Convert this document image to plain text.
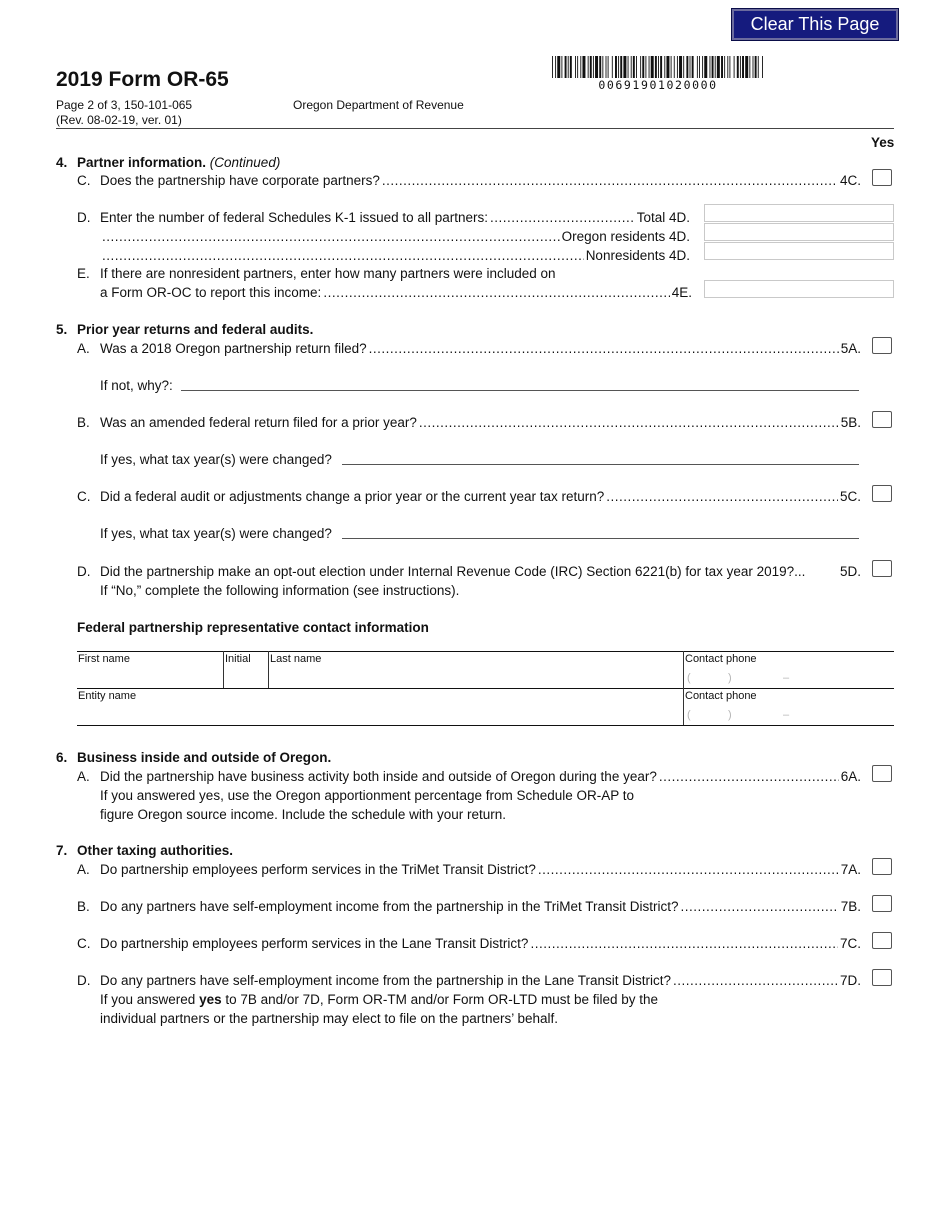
Clear This Page
00691901020000
2019 Form OR-65
Page 2 of 3, 150-101-065
(Rev. 08-02-19, ver. 01)
Oregon Department of Revenue
Yes
4. Partner information. (Continued)
C. Does the partnership have corporate partners? .....	4C.
D. Enter the number of federal Schedules K-1 issued to all partners: .....	Total 4D.
.....
Oregon residents 4D.
.....
Nonresidents 4D.
E. If there are nonresident partners, enter how many partners were included on
a Form OR-OC to report this income: .....	4E.
5. Prior year returns and federal audits.
A. Was a 2018 Oregon partnership return filed? .....	5A.
If not, why?:
B. Was an amended federal return filed for a prior year? .....	5B.
If yes, what tax year(s) were changed?
C. Did a federal audit or adjustments change a prior year or the current year tax return? .....	5C.
If yes, what tax year(s) were changed?
D. Did the partnership make an opt-out election under Internal Revenue Code (IRC) Section 6221(b) for tax year 2019?...	5D.
If “No,” complete the following information (see instructions).
Federal partnership representative contact information
First name	Initial Last name	Contact phone
(	)	–
Entity name	Contact phone
(	)	–
6. Business inside and outside of Oregon.
A. Did the partnership have business activity both inside and outside of Oregon during the year? .....	6A.
If you answered yes, use the Oregon apportionment percentage from Schedule OR-AP to
figure Oregon source income. Include the schedule with your return.
7. Other taxing authorities.
A. Do partnership employees perform services in the TriMet Transit District? .....	7A.
B. Do any partners have self-employment income from the partnership in the TriMet Transit District? .....	7B.
C. Do partnership employees perform services in the Lane Transit District? .....	7C.
D. Do any partners have self-employment income from the partnership in the Lane Transit District? .....	7D.
If you answered yes to 7B and/or 7D, Form OR-TM and/or Form OR-LTD must be filed by the
individual partners or the partnership may elect to file on the partners’ behalf.
